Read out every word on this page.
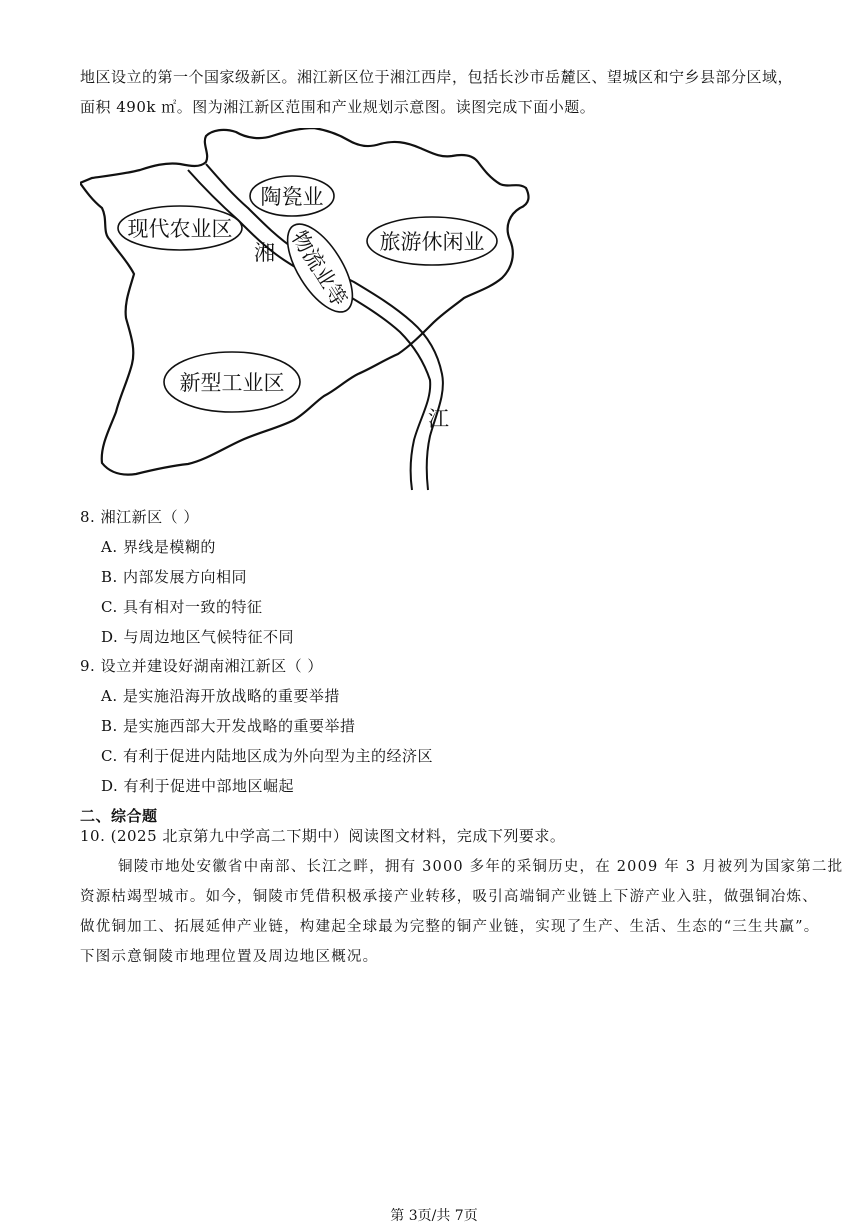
地区设立的第一个国家级新区。湘江新区位于湘江西岸，包括长沙市岳麓区、望城区和宁乡县部分区域，
面积 490k ㎡。图为湘江新区范围和产业规划示意图。读图完成下面小题。
陶瓷业
现代农业区
旅游休闲业
物流业等
新型工业区
湘
江
8. 湘江新区（ ）
A. 界线是模糊的
B. 内部发展方向相同
C. 具有相对一致的特征
D. 与周边地区气候特征不同
9. 设立并建设好湖南湘江新区（ ）
A. 是实施沿海开放战略的重要举措
B. 是实施西部大开发战略的重要举措
C. 有利于促进内陆地区成为外向型为主的经济区
D. 有利于促进中部地区崛起
二、综合题
10. (2025 北京第九中学高二下期中）阅读图文材料，完成下列要求。
铜陵市地处安徽省中南部、长江之畔，拥有 3000 多年的采铜历史，在 2009 年 3 月被列为国家第二批
资源枯竭型城市。如今，铜陵市凭借积极承接产业转移，吸引高端铜产业链上下游产业入驻，做强铜冶炼、
做优铜加工、拓展延伸产业链，构建起全球最为完整的铜产业链，实现了生产、生活、生态的“三生共赢”。
下图示意铜陵市地理位置及周边地区概况。
第 3页/共 7页
